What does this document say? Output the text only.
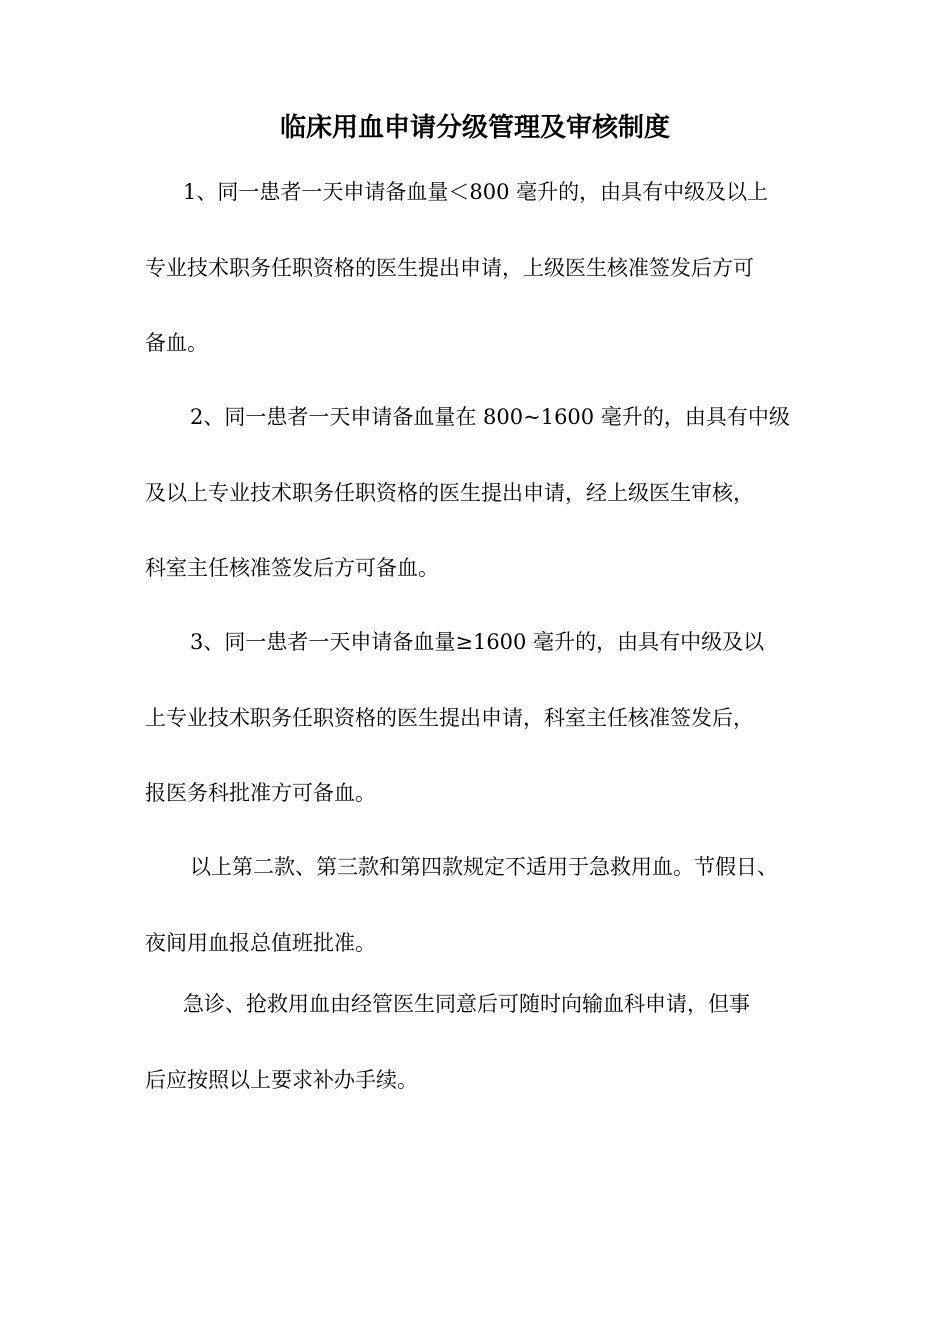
临床用血申请分级管理及审核制度

1、同一患者一天申请备血量＜800 毫升的，由具有中级及以上

专业技术职务任职资格的医生提出申请，上级医生核准签发后方可

备血。

2、同一患者一天申请备血量在 800~1600 毫升的，由具有中级

及以上专业技术职务任职资格的医生提出申请，经上级医生审核，

科室主任核准签发后方可备血。

3、同一患者一天申请备血量≥1600 毫升的，由具有中级及以

上专业技术职务任职资格的医生提出申请，科室主任核准签发后，

报医务科批准方可备血。

以上第二款、第三款和第四款规定不适用于急救用血。节假日、

夜间用血报总值班批准。

急诊、抢救用血由经管医生同意后可随时向输血科申请，但事

后应按照以上要求补办手续。
